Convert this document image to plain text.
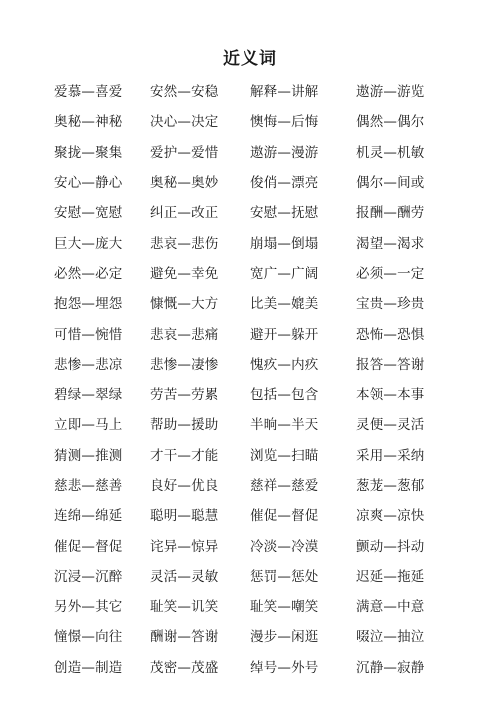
近义词
爱慕—喜爱	安然—安稳	解释—讲解	遨游—游览
奥秘—神秘	决心—决定	懊悔—后悔	偶然—偶尔
聚拢—聚集	爱护—爱惜	遨游—漫游	机灵—机敏
安心—静心	奥秘—奥妙	俊俏—漂亮	偶尔—间或
安慰—宽慰	纠正—改正	安慰—抚慰	报酬—酬劳
巨大—庞大	悲哀—悲伤	崩塌—倒塌	渴望—渴求
必然—必定	避免—幸免	宽广—广阔	必须—一定
抱怨—埋怨	慷慨—大方	比美—媲美	宝贵—珍贵
可惜—惋惜	悲哀—悲痛	避开—躲开	恐怖—恐惧
悲惨—悲凉	悲惨—凄惨	愧疚—内疚	报答—答谢
碧绿—翠绿	劳苦—劳累	包括—包含	本领—本事
立即—马上	帮助—援助	半晌—半天	灵便—灵活
猜测—推测	才干—才能	浏览—扫瞄	采用—采纳
慈悲—慈善	良好—优良	慈祥—慈爱	葱茏—葱郁
连绵—绵延	聪明—聪慧	催促—督促	凉爽—凉快
催促—督促	诧异—惊异	冷淡—冷漠	颤动—抖动
沉浸—沉醉	灵活—灵敏	惩罚—惩处	迟延—拖延
另外—其它	耻笑—讥笑	耻笑—嘲笑	满意—中意
憧憬—向往	酬谢—答谢	漫步—闲逛	啜泣—抽泣
创造—制造	茂密—茂盛	绰号—外号	沉静—寂静
